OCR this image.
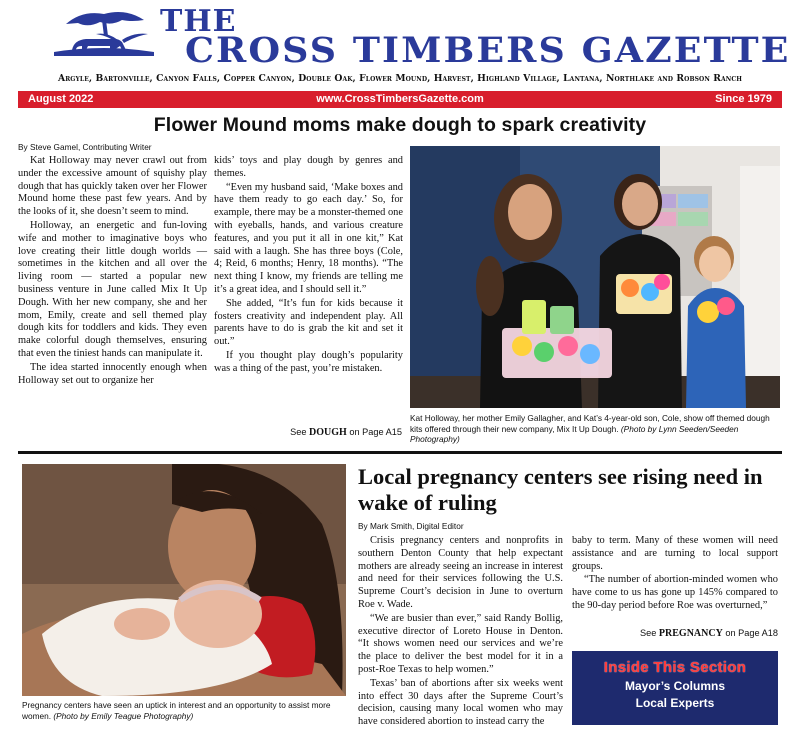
THE
CROSS TIMBERS GAZETTE
Argyle, Bartonville, Canyon Falls, Copper Canyon, Double Oak, Flower Mound, Harvest, Highland Village, Lantana, Northlake and Robson Ranch
August 2022	www.CrossTimbersGazette.com	Since 1979
Flower Mound moms make dough to spark creativity
By Steve Gamel, Contributing Writer

Kat Holloway may never crawl out from under the excessive amount of squishy play dough that has quickly taken over her Flower Mound home these past few years. And by the looks of it, she doesn’t seem to mind.

Holloway, an energetic and fun-loving wife and mother to imaginative boys who love creating their little dough worlds — sometimes in the kitchen and all over the living room — started a popular new business venture in June called Mix It Up Dough. With her new company, she and her mom, Emily, create and sell themed play dough kits for toddlers and kids. They even make colorful dough themselves, ensuring that even the tiniest hands can manipulate it.

The idea started innocently enough when Holloway set out to organize her

kids’ toys and play dough by genres and themes.

“Even my husband said, ‘Make boxes and have them ready to go each day.’ So, for example, there may be a monster-themed one with eyeballs, hands, and various creature features, and you put it all in one kit,” Kat said with a laugh. She has three boys (Cole, 4; Reid, 6 months; Henry, 18 months). “The next thing I know, my friends are telling me it’s a great idea, and I should sell it.”

She added, “It’s fun for kids because it fosters creativity and independent play. All parents have to do is grab the kit and set it out.”

If you thought play dough’s popularity was a thing of the past, you’re mistaken.

See DOUGH on Page A15
Kat Holloway, her mother Emily Gallagher, and Kat’s 4-year-old son, Cole, show off themed dough kits offered through their new company, Mix It Up Dough. (Photo by Lynn Seeden/Seeden Photography)
Pregnancy centers have seen an uptick in interest and an opportunity to assist more women. (Photo by Emily Teague Photography)
Local pregnancy centers see rising need in wake of ruling
By Mark Smith, Digital Editor

Crisis pregnancy centers and nonprofits in southern Denton County that help expectant mothers are already seeing an increase in interest and need for their services following the U.S. Supreme Court’s decision in June to overturn Roe v. Wade.

“We are busier than ever,” said Randy Bollig, executive director of Loreto House in Denton. “It shows women need our services and we’re the place to deliver the best model for it in a post-Roe Texas to help women.”

Texas’ ban of abortions after six weeks went into effect 30 days after the Supreme Court’s decision, causing many local women who may have considered abortion to instead carry the

baby to term. Many of these women will need assistance and are turning to local support groups.

“The number of abortion-minded women who have come to us has gone up 145% compared to the 90-day period before Roe was overturned,”

See PREGNANCY on Page A18
Inside This Section
Mayor’s Columns
Local Experts
